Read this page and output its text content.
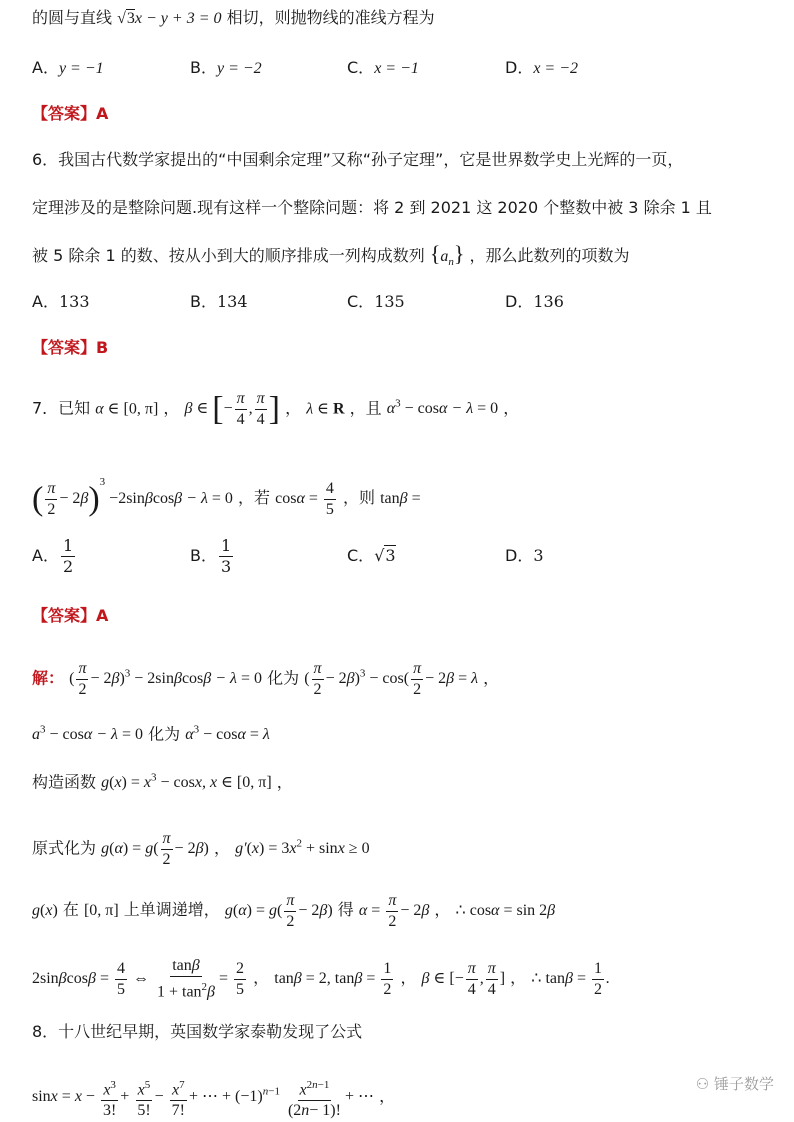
的圆与直线 √3x − y + 3 = 0 相切，则抛物线的准线方程为
A．y = −1	B．y = −2	C．x = −1	D．x = −2
【答案】A
6．我国古代数学家提出的“中国剩余定理”又称“孙子定理”，它是世界数学史上光辉的一页，
定理涉及的是整除问题.现有这样一个整除问题：将 2 到 2021 这 2020 个整数中被 3 除余 1 且
被 5 除余 1 的数、按从小到大的顺序排成一列构成数列 $\{a_n\}$ ，那么此数列的项数为
A．133	B．134	C．135	D．136
【答案】B
7．已知 α ∈ [0, π] ， β ∈ [− $\frac{\pi}{4}$ , $\frac{\pi}{4}$ ] ， λ ∈ R ，且 $\alpha^3 - \cos\alpha - \lambda = 0$ ，
( $\frac{\pi}{2} - 2\beta)^3 -2\sin\beta\cos\beta - \lambda = 0$ ，若 $\cos\alpha = \frac{4}{5}$ ，则 tanβ =
A． $\frac{1}{2}$	B． $\frac{1}{3}$	C．√3	D．3
【答案】A
解： ( $\frac{\pi}{2} - 2\beta)^3 - 2\sin\beta\cos\beta - \lambda = 0$ 化为 ( $\frac{\pi}{2} - 2\beta)^3 - \cos( \frac{\pi}{2} - 2\beta = \lambda$ ，
$a^3 - \cos\alpha - \lambda = 0$ 化为 $\alpha^3 - \cos\alpha = \lambda$
构造函数 $g(x) = x^3 - \cos x$, x ∈ [0, π] ，
原式化为 $g(\alpha) = g( \frac{\pi}{2} - 2\beta)$ ， $g'(x) = 3x^2 + \sin x \ge 0$
g(x) 在 [0, π] 上单调递增， $g(\alpha) = g( \frac{\pi}{2} - 2\beta)$ 得 $\alpha = \frac{\pi}{2} - 2\beta$ ， ∴ cosα = sin 2β
$2\sin\beta\cos\beta = \frac{4}{5}$ ⇔ $\frac{\tan\beta}{1 + \tan^2\beta} = \frac{2}{5}$ ， tanβ = 2, $\tan\beta = \frac{1}{2}$ ， β ∈ [− $\frac{\pi}{4}$ , $\frac{\pi}{4}$ ] ， ∴ $\tan\beta = \frac{1}{2}$ .
8．十八世纪早期，英国数学家泰勒发现了公式
$\sin x = x - \frac{x^3}{3!} + \frac{x^5}{5!} - \frac{x^7}{7!}$ + ⋯ + $(-1)^{n-1} \frac{x^{2n-1}}{(2n- 1)!}$ + ⋯ ，
⚇ 锤子数学
